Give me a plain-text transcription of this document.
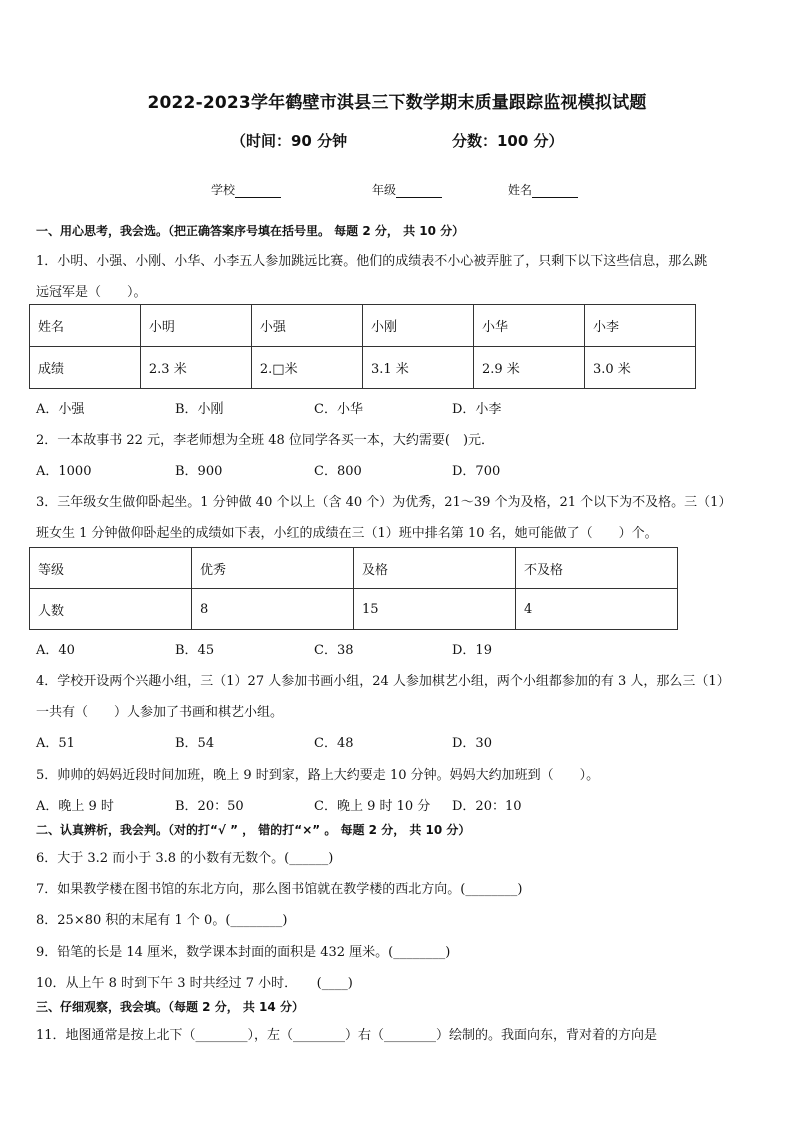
2022-2023学年鹤壁市淇县三下数学期末质量跟踪监视模拟试题
（时间：90 分钟	分数：100 分）
学校	年级	姓名
一、用心思考，我会选。（把正确答案序号填在括号里。 每题 2 分， 共 10 分）
1．小明、小强、小刚、小华、小李五人参加跳远比赛。他们的成绩表不小心被弄脏了，只剩下以下这些信息，那么跳
远冠军是（　　）。
姓名	小明	小强	小刚	小华	小李
成绩	2.3 米	2.□米	3.1 米	2.9 米	3.0 米
A．小强	B．小刚	C．小华	D．小李
2．一本故事书 22 元，李老师想为全班 48 位同学各买一本，大约需要(　)元．
A．1000	B．900	C．800	D．700
3．三年级女生做仰卧起坐。1 分钟做 40 个以上（含 40 个）为优秀，21～39 个为及格，21 个以下为不及格。三（1）
班女生 1 分钟做仰卧起坐的成绩如下表，小红的成绩在三（1）班中排名第 10 名，她可能做了（　　）个。
等级	优秀	及格	不及格
人数	8	15	4
A．40	B．45	C．38	D．19
4．学校开设两个兴趣小组，三（1）27 人参加书画小组，24 人参加棋艺小组，两个小组都参加的有 3 人，那么三（1）
一共有（　　）人参加了书画和棋艺小组。
A．51	B．54	C．48	D．30
5．帅帅的妈妈近段时间加班，晚上 9 时到家，路上大约要走 10 分钟。妈妈大约加班到（　　）。
A．晚上 9 时	B．20：50	C．晚上 9 时 10 分 D．20：10
二、认真辨析，我会判。（对的打“√ ” ， 错的打“×” 。 每题 2 分， 共 10 分）
6．大于 3.2 而小于 3.8 的小数有无数个。(______)
7．如果教学楼在图书馆的东北方向，那么图书馆就在教学楼的西北方向。(________)
8．25×80 积的末尾有 1 个 0。(________)
9．铅笔的长是 14 厘米，数学课本封面的面积是 432 厘米。(________)
10．从上午 8 时到下午 3 时共经过 7 小时．　　(____)
三、仔细观察，我会填。（每题 2 分， 共 14 分）
11．地图通常是按上北下（________），左（________）右（________）绘制的。我面向东，背对着的方向是
